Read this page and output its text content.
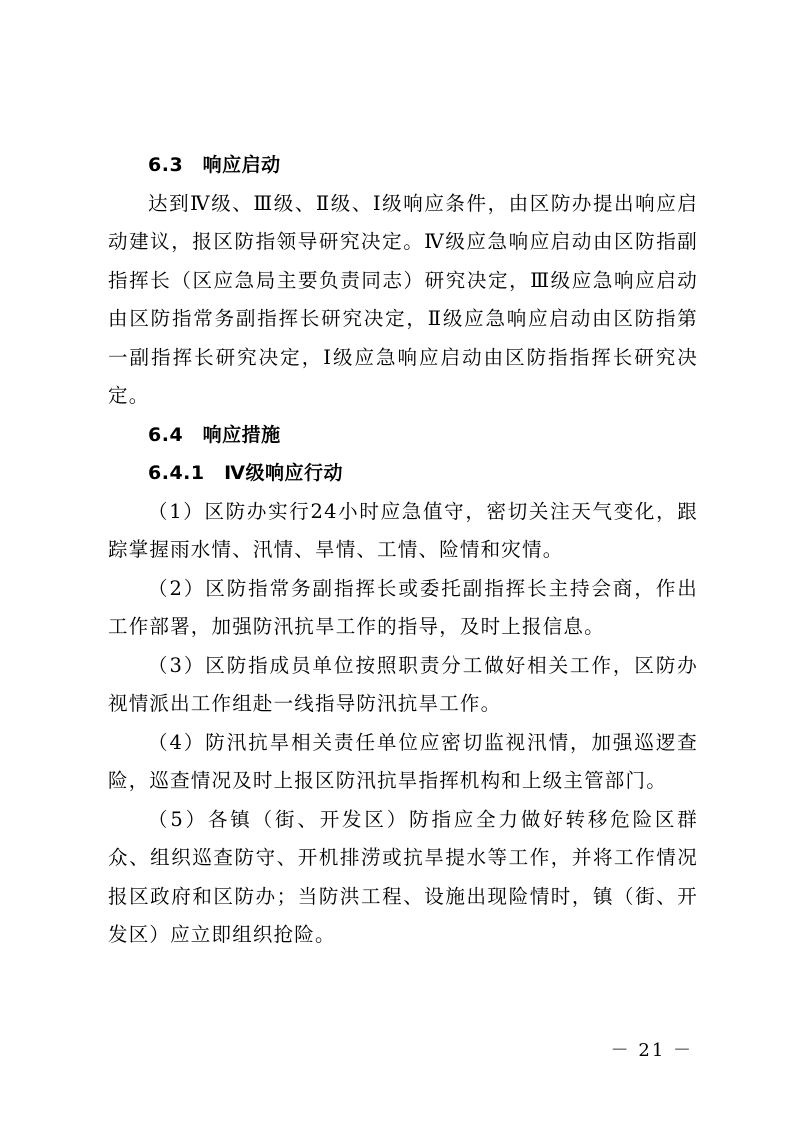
6.3　响应启动

达到Ⅳ级、Ⅲ级、Ⅱ级、Ⅰ级响应条件，由区防办提出响应启动建议，报区防指领导研究决定。Ⅳ级应急响应启动由区防指副指挥长（区应急局主要负责同志）研究决定，Ⅲ级应急响应启动由区防指常务副指挥长研究决定，Ⅱ级应急响应启动由区防指第一副指挥长研究决定，Ⅰ级应急响应启动由区防指指挥长研究决定。

6.4　响应措施

6.4.1　Ⅳ级响应行动

（1）区防办实行24小时应急值守，密切关注天气变化，跟踪掌握雨水情、汛情、旱情、工情、险情和灾情。

（2）区防指常务副指挥长或委托副指挥长主持会商，作出工作部署，加强防汛抗旱工作的指导，及时上报信息。

（3）区防指成员单位按照职责分工做好相关工作，区防办视情派出工作组赴一线指导防汛抗旱工作。

（4）防汛抗旱相关责任单位应密切监视汛情，加强巡逻查险，巡查情况及时上报区防汛抗旱指挥机构和上级主管部门。

（5）各镇（街、开发区）防指应全力做好转移危险区群众、组织巡查防守、开机排涝或抗旱提水等工作，并将工作情况报区政府和区防办；当防洪工程、设施出现险情时，镇（街、开发区）应立即组织抢险。

－ 21 －
